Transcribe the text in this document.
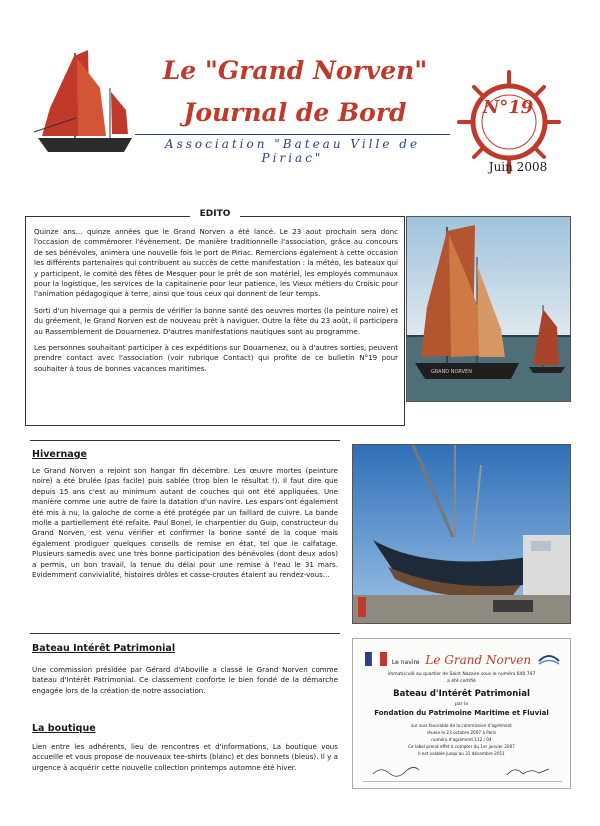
Le "Grand Norven"
Journal de Bord
Association "Bateau Ville de Piriac"
N°19
Juin 2008
EDITO

Quinze ans… quinze années que le Grand Norven a été lancé. Le 23 aout prochain sera donc l'occasion de commémorer l'évènement. De manière traditionnelle l'association, grâce au concours de ses bénévoles, animera une nouvelle fois le port de Piriac. Remercions également à cette occasion les différents partenaires qui contribuent au succès de cette manifestation : la météo, les bateaux qui y participent, le comité des fêtes de Mesquer pour le prêt de son matériel, les employés communaux pour la logistique, les services de la capitainerie pour leur patience, les Vieux métiers du Croisic pour l'animation pédagogique à terre, ainsi que tous ceux qui donnent de leur temps.

Sorti d'un hivernage qui a permis de vérifier la bonne santé des oeuvres mortes (la peinture noire) et du gréement, le Grand Norven est de nouveau prêt à naviguer. Outre la fête du 23 août, il participera au Rassemblement de Douarnenez. D'autres manifestations nautiques sont au programme.

Les personnes souhaitant participer à ces expéditions sur Douarnenez, ou à d'autres sorties, peuvent prendre contact avec l'association (voir rubrique Contact) qui profite de ce bulletin N°19 pour souhaiter à tous de bonnes vacances maritimes.	GRAND NORVEN
Hivernage

Le Grand Norven a rejoint son hangar fin décembre. Les œuvre mortes (peinture noire) a été brulée (pas facile) puis sablée (trop bien le résultat !). Il faut dire que depuis 15 ans c'est au minimum autant de couches qui ont été appliquées. Une manière comme une autre de faire la datation d'un navire. Les espars ont également été mis à nu, la galoche de corne a été protégée par un faillard de cuivre. La bande molle a partiellement été refaite. Paul Bonel, le charpentier du Guip, constructeur du Grand Norven, est venu vérifier et confirmer la bonne santé de la coque mais également prodiguer quelques conseils de remise en état, tel que le calfatage. Plusieurs samedis avec une très bonne participation des bénévoles (dont deux ados) a permis, un bon travail, la tenue du délai pour une remise à l'eau le 31 mars. Evidemment convivialité, histoires drôles et casse-croutes étaient au rendez-vous…

Bateau Intérêt Patrimonial

Une commission présidée par Gérard d'Aboville a classé le Grand Norven comme bateau d'Intérêt Patrimonial. Ce classement conforte le bien fondé de la démarche engagée lors de la création de notre association.

La boutique

Lien entre les adhérents, lieu de rencontres et d'informations, La boutique vous accueille et vous propose de nouveaux tee-shirts (blanc) et des bonnets (bleus). Il y a urgence à acquérir cette nouvelle collection printemps automne été hiver.

Le navire Le Grand Norven
immatriculé au quartier de Saint Nazaire sous le numéro 640 747
a été certifié
Bateau d'Intérêt Patrimonial
par la
Fondation du Patrimoine Maritime et Fluvial
sur avis favorable de la commission d'agrément
réunie le 23 octobre 2007 à Paris
numéro d'agrément 112 / 04
Ce label prend effet à compter du 1er janvier 2007
Il est valable jusqu'au 31 décembre 2011
